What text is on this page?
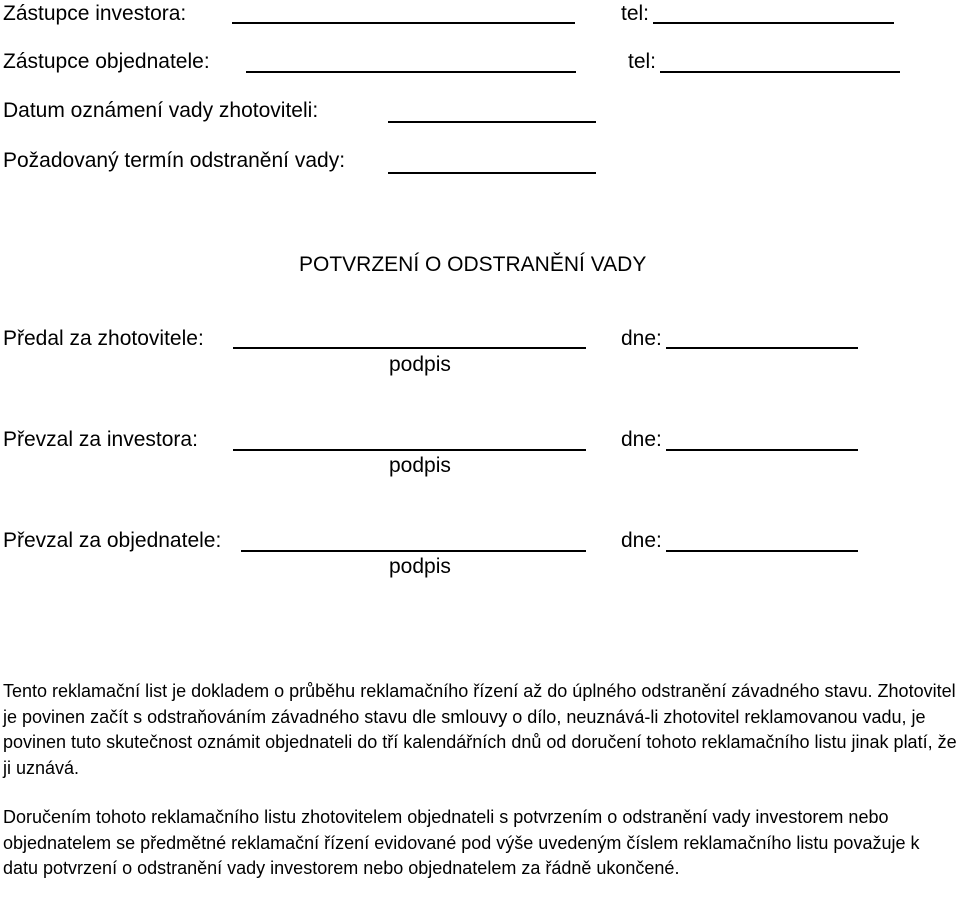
Zástupce investora:	tel:
Zástupce objednatele:	tel:
Datum oznámení vady zhotoviteli:
Požadovaný termín odstranění vady:
POTVRZENÍ O ODSTRANĚNÍ VADY
Předal za zhotovitele:
podpis
dne:
Převzal za investora:
podpis
dne:
Převzal za objednatele:
podpis
dne:
Tento reklamační list je dokladem o průběhu reklamačního řízení až do úplného odstranění závadného stavu. Zhotovitel je povinen začít s odstraňováním závadného stavu dle smlouvy o dílo, neuznává-li zhotovitel reklamovanou vadu, je povinen tuto skutečnost oznámit objednateli do tří kalendářních dnů od doručení tohoto reklamačního listu jinak platí, že ji uznává.
Doručením tohoto reklamačního listu zhotovitelem objednateli s potvrzením o odstranění vady investorem nebo objednatelem se předmětné reklamační řízení evidované pod výše uvedeným číslem reklamačního listu považuje k datu potvrzení o odstranění vady investorem nebo objednatelem za řádně ukončené.
